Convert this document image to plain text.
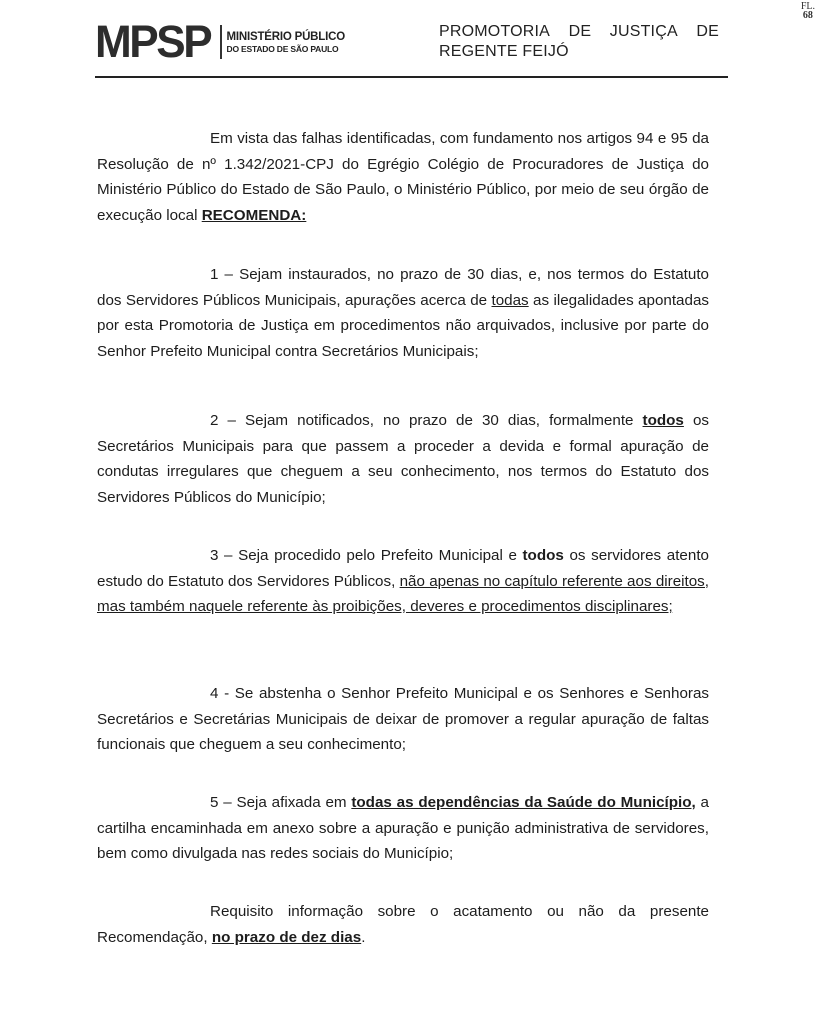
FL.
68
MPSP MINISTÉRIO PÚBLICO
DO ESTADO DE SÃO PAULO
PROMOTORIA DE JUSTIÇA DE
REGENTE FEIJÓ
Em vista das falhas identificadas, com fundamento nos artigos 94 e 95 da Resolução de nº 1.342/2021-CPJ do Egrégio Colégio de Procuradores de Justiça do Ministério Público do Estado de São Paulo, o Ministério Público, por meio de seu órgão de execução local RECOMENDA:
1 – Sejam instaurados, no prazo de 30 dias, e, nos termos do Estatuto dos Servidores Públicos Municipais, apurações acerca de todas as ilegalidades apontadas por esta Promotoria de Justiça em procedimentos não arquivados, inclusive por parte do Senhor Prefeito Municipal contra Secretários Municipais;
2 – Sejam notificados, no prazo de 30 dias, formalmente todos os Secretários Municipais para que passem a proceder a devida e formal apuração de condutas irregulares que cheguem a seu conhecimento, nos termos do Estatuto dos Servidores Públicos do Município;
3 – Seja procedido pelo Prefeito Municipal e todos os servidores atento estudo do Estatuto dos Servidores Públicos, não apenas no capítulo referente aos direitos, mas também naquele referente às proibições, deveres e procedimentos disciplinares;
4 - Se abstenha o Senhor Prefeito Municipal e os Senhores e Senhoras Secretários e Secretárias Municipais de deixar de promover a regular apuração de faltas funcionais que cheguem a seu conhecimento;
5 – Seja afixada em todas as dependências da Saúde do Município, a cartilha encaminhada em anexo sobre a apuração e punição administrativa de servidores, bem como divulgada nas redes sociais do Município;
Requisito informação sobre o acatamento ou não da presente Recomendação, no prazo de dez dias.
